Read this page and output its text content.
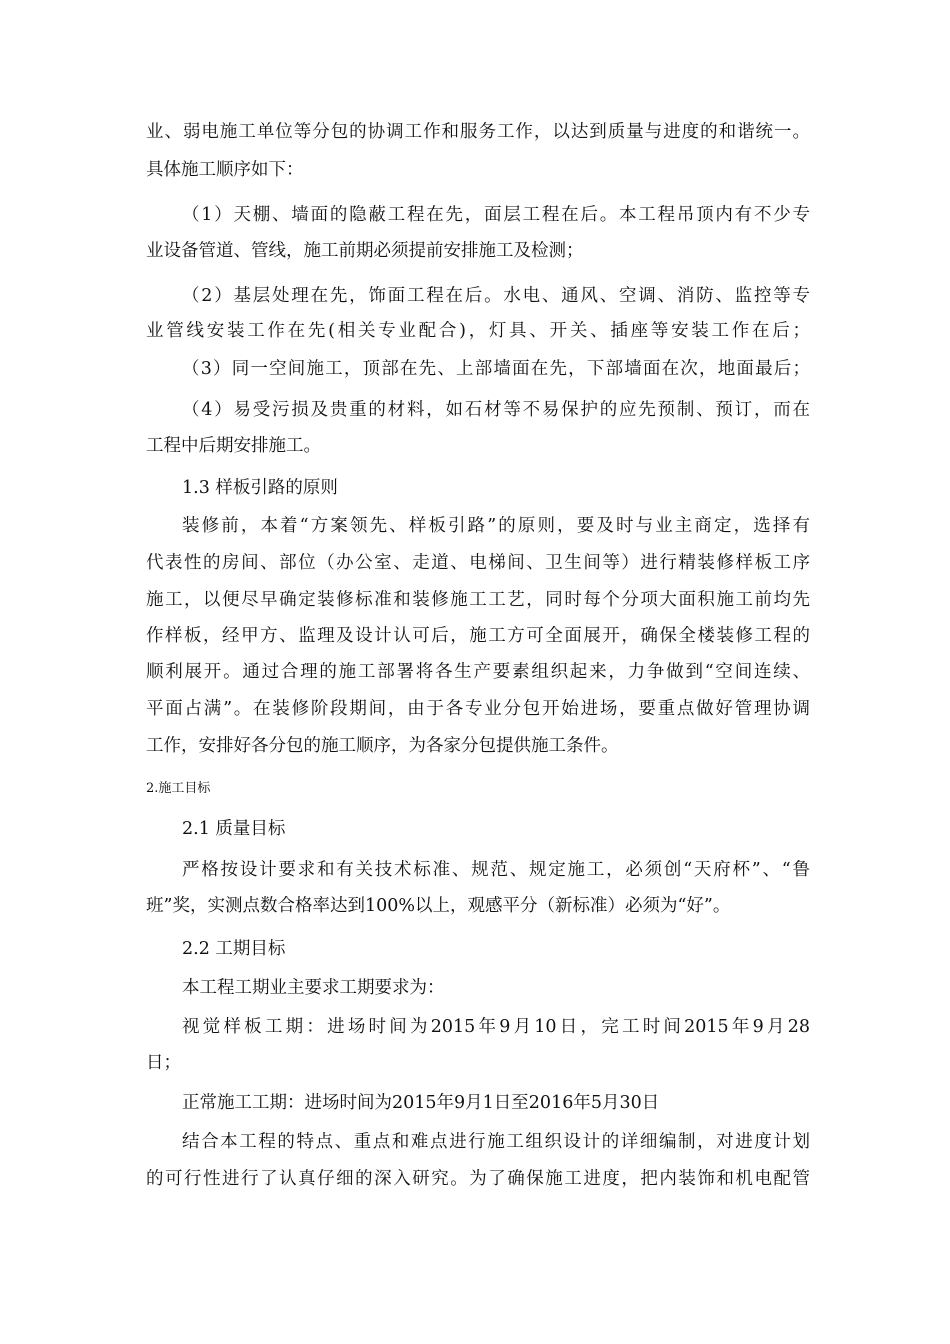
业、弱电施工单位等分包的协调工作和服务工作，以达到质量与进度的和谐统一。
具体施工顺序如下：
（1）天棚、墙面的隐蔽工程在先，面层工程在后。本工程吊顶内有不少专
业设备管道、管线，施工前期必须提前安排施工及检测；
（2）基层处理在先，饰面工程在后。水电、通风、空调、消防、监控等专
业管线安装工作在先(相关专业配合)，灯具、开关、插座等安装工作在后；
（3）同一空间施工，顶部在先、上部墙面在先，下部墙面在次，地面最后；
（4）易受污损及贵重的材料，如石材等不易保护的应先预制、预订，而在
工程中后期安排施工。
1.3 样板引路的原则
装修前，本着“方案领先、样板引路”的原则，要及时与业主商定，选择有
代表性的房间、部位（办公室、走道、电梯间、卫生间等）进行精装修样板工序
施工，以便尽早确定装修标准和装修施工工艺，同时每个分项大面积施工前均先
作样板，经甲方、监理及设计认可后，施工方可全面展开，确保全楼装修工程的
顺利展开。通过合理的施工部署将各生产要素组织起来，力争做到“空间连续、
平面占满”。在装修阶段期间，由于各专业分包开始进场，要重点做好管理协调
工作，安排好各分包的施工顺序，为各家分包提供施工条件。
2.施工目标
2.1 质量目标
严格按设计要求和有关技术标准、规范、规定施工，必须创“天府杯”、“鲁
班”奖，实测点数合格率达到100%以上，观感平分（新标准）必须为“好”。
2.2 工期目标
本工程工期业主要求工期要求为：
视觉样板工期：进场时间为2015年9月10日，完工时间2015年9月28
日；
正常施工工期：进场时间为2015年9月1日至2016年5月30日
结合本工程的特点、重点和难点进行施工组织设计的详细编制，对进度计划
的可行性进行了认真仔细的深入研究。为了确保施工进度，把内装饰和机电配管
